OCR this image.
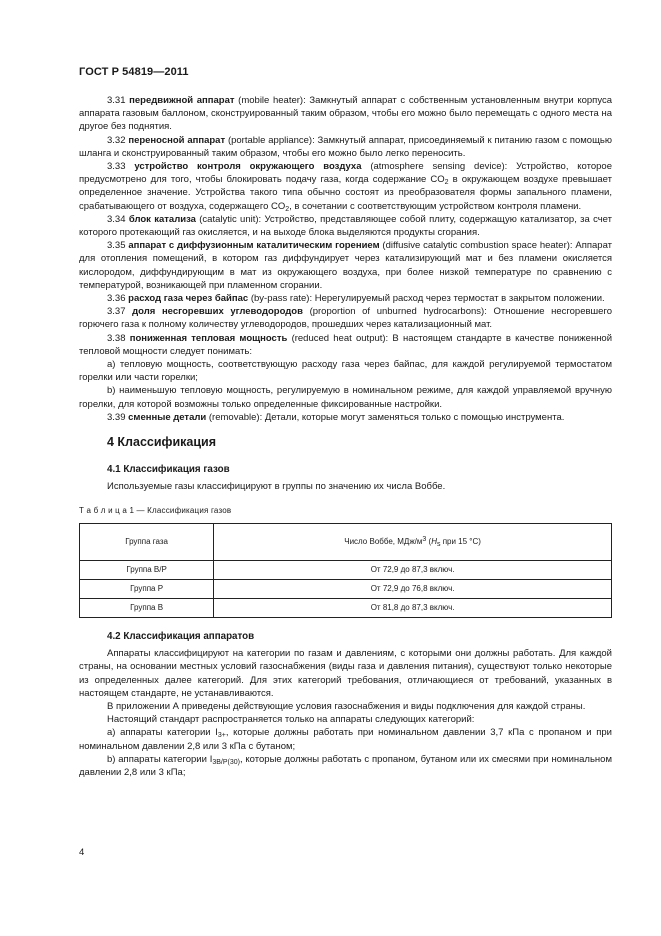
ГОСТ Р 54819—2011

3.31 передвижной аппарат (mobile heater): Замкнутый аппарат с собственным установленным внутри корпуса аппарата газовым баллоном, сконструированный таким образом, чтобы его можно было перемещать с одного места на другое без поднятия.

3.32 переносной аппарат (portable appliance): Замкнутый аппарат, присоединяемый к питанию газом с помощью шланга и сконструированный таким образом, чтобы его можно было легко переносить.

3.33 устройство контроля окружающего воздуха (atmosphere sensing device): Устройство, которое предусмотрено для того, чтобы блокировать подачу газа, когда содержание $CO_2$ в окружающем воздухе превышает определенное значение. Устройства такого типа обычно состоят из преобразователя формы запального пламени, срабатывающего от воздуха, содержащего $CO_2$, в сочетании с соответствующим устройством контроля пламени.

3.34 блок катализа (catalytic unit): Устройство, представляющее собой плиту, содержащую катализатор, за счет которого протекающий газ окисляется, и на выходе блока выделяются продукты сгорания.

3.35 аппарат с диффузионным каталитическим горением (diffusive catalytic combustion space heater): Аппарат для отопления помещений, в котором газ диффундирует через катализирующий мат и без пламени окисляется кислородом, диффундирующим в мат из окружающего воздуха, при более низкой температуре по сравнению с температурой, возникающей при пламенном сгорании.

3.36 расход газа через байпас (by-pass rate): Нерегулируемый расход через термостат в закрытом положении.

3.37 доля несгоревших углеводородов (proportion of unburned hydrocarbons): Отношение несгоревшего горючего газа к полному количеству углеводородов, прошедших через катализационный мат.

3.38 пониженная тепловая мощность (reduced heat output): В настоящем стандарте в качестве пониженной тепловой мощности следует понимать:

a) тепловую мощность, соответствующую расходу газа через байпас, для каждой регулируемой термостатом горелки или части горелки;

b) наименьшую тепловую мощность, регулируемую в номинальном режиме, для каждой управляемой вручную горелки, для которой возможны только определенные фиксированные настройки.

3.39 сменные детали (removable): Детали, которые могут заменяться только с помощью инструмента.

4 Классификация
4.1 Классификация газов

Используемые газы классифицируют в группы по значению их числа Воббе.

Т а б л и ц а 1 — Классификация газов
Группа газа	Число Воббе, МДж/$м^3$ ($H_s$ при 15 °С)
Группа B/P	От 72,9 до 87,3 включ.
Группа P	От 72,9 до 76,8 включ.
Группа B	От 81,8 до 87,3 включ.
4.2 Классификация аппаратов

Аппараты классифицируют на категории по газам и давлениям, с которыми они должны работать. Для каждой страны, на основании местных условий газоснабжения (виды газа и давления питания), существуют только некоторые из определенных далее категорий. Для этих категорий требования, отличающиеся от требований, указанных в настоящем стандарте, не устанавливаются.

В приложении А приведены действующие условия газоснабжения и виды подключения для каждой страны.

Настоящий стандарт распространяется только на аппараты следующих категорий:

a) аппараты категории $I_{3+}$, которые должны работать при номинальном давлении 3,7 кПа с пропаном и при номинальном давлении 2,8 или 3 кПа с бутаном;

b) аппараты категории $I_{3B/P(30)}$, которые должны работать с пропаном, бутаном или их смесями при номинальном давлении 2,8 или 3 кПа;

4
